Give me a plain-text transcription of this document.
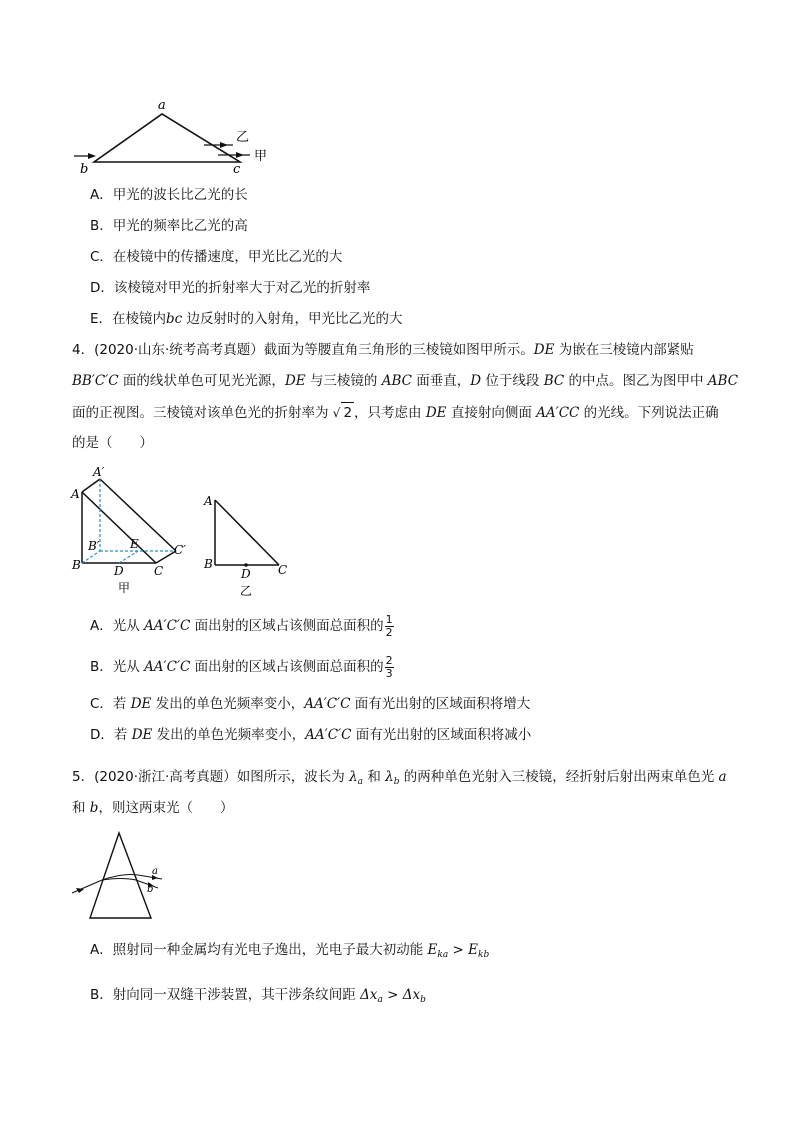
a
b	c
乙
甲
A．甲光的波长比乙光的长
B．甲光的频率比乙光的高
C．在棱镜中的传播速度，甲光比乙光的大
D．该棱镜对甲光的折射率大于对乙光的折射率
E．在棱镜内bc 边反射时的入射角，甲光比乙光的大
4．(2020·山东·统考高考真题）截面为等腰直角三角形的三棱镜如图甲所示。DE 为嵌在三棱镜内部紧贴
BB′C′C 面的线状单色可见光光源，DE 与三棱镜的 ABC 面垂直，D 位于线段 BC 的中点。图乙为图甲中 ABC
面的正视图。三棱镜对该单色光的折射率为 √ 2 ，只考虑由 DE 直接射向侧面 AA′CC 的光线。下列说法正确
的是（　　）
A′
A
B′	E	C′
B	D	C
甲
A
B
D C
乙
A．光从 AA′C′C 面出射的区域占该侧面总面积的 $\frac{1}{2}$
B．光从 AA′C′C 面出射的区域占该侧面总面积的 $\frac{2}{3}$
C．若 DE 发出的单色光频率变小，AA′C′C 面有光出射的区域面积将增大
D．若 DE 发出的单色光频率变小，AA′C′C 面有光出射的区域面积将减小
5．(2020·浙江·高考真题）如图所示，波长为 $\lambda_a$ 和 $\lambda_b$ 的两种单色光射入三棱镜，经折射后射出两束单色光 a
和 b，则这两束光（　　）
a
b
A．照射同一种金属均有光电子逸出，光电子最大初动能 $E_{ka} > E_{kb}$
B．射向同一双缝干涉装置，其干涉条纹间距 $\Delta x_a > \Delta x_b$
